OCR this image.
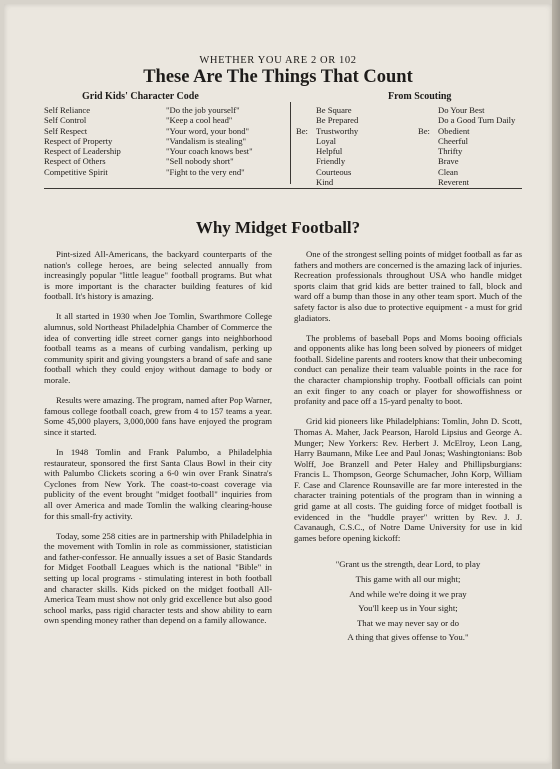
WHETHER YOU ARE 2 OR 102
These Are The Things That Count
Grid Kids' Character Code	From Scouting
Self Reliance
Self Control
Self Respect
Respect of Property
Respect of Leadership
Respect of Others
Competitive Spirit
"Do the job yourself"
"Keep a cool head"
"Your word, your bond"
"Vandalism is stealing"
"Your coach knows best"
"Sell nobody short"
"Fight to the very end"
Be:
Be Square
Be Prepared
Trustworthy
Loyal
Helpful
Friendly
Courteous
Kind
Be:
Do Your Best
Do a Good Turn Daily
Obedient
Cheerful
Thrifty
Brave
Clean
Reverent
Why Midget Football?

Pint-sized All-Americans, the backyard counterparts of the nation's college heroes, are being selected annually from increasingly popular "little league" football programs. But what is more important is the character building features of kid football. It's history is amazing.

It all started in 1930 when Joe Tomlin, Swarthmore College alumnus, sold Northeast Philadelphia Chamber of Commerce the idea of converting idle street corner gangs into neighborhood football teams as a means of curbing vandalism, perking up community spirit and giving youngsters a brand of safe and sane football which they could enjoy without damage to body or morale.

Results were amazing. The program, named after Pop Warner, famous college football coach, grew from 4 to 157 teams a year. Some 45,000 players, 3,000,000 fans have enjoyed the program since it started.

In 1948 Tomlin and Frank Palumbo, a Philadelphia restaurateur, sponsored the first Santa Claus Bowl in their city with Palumbo Clickets scoring a 6-0 win over Frank Sinatra's Cyclones from New York. The coast-to-coast coverage via publicity of the event brought "midget football" inquiries from all over America and made Tomlin the walking clearing-house for this small-fry activity.

Today, some 258 cities are in partnership with Philadelphia in the movement with Tomlin in role as commissioner, statistician and father-confessor. He annually issues a set of Basic Standards for Midget Football Leagues which is the national "Bible" in setting up local programs - stimulating interest in both football and character skills. Kids picked on the midget football All-America Team must show not only grid excellence but also good school marks, pass rigid character tests and show ability to earn own spending money rather than depend on a family allowance.

One of the strongest selling points of midget football as far as fathers and mothers are concerned is the amazing lack of injuries. Recreation professionals throughout USA who handle midget sports claim that grid kids are better trained to fall, block and ward off a bump than those in any other team sport. Much of the safety factor is also due to protective equipment - a must for grid gladiators.

The problems of baseball Pops and Moms booing officials and opponents alike has long been solved by pioneers of midget football. Sideline parents and rooters know that their unbecoming conduct can penalize their team valuable points in the race for the character championship trophy. Football officials can point an exit finger to any coach or player for showoffishness or profanity and pace off a 15-yard penalty to boot.

Grid kid pioneers like Philadelphians: Tomlin, John D. Scott, Thomas A. Maher, Jack Pearson, Harold Lipsius and George A. Munger; New Yorkers: Rev. Herbert J. McElroy, Leon Lang, Harry Baumann, Mike Lee and Paul Jonas; Washingtonians: Bob Wolff, Joe Branzell and Peter Haley and Phillipsburgians: Francis L. Thompson, George Schumacher, John Korp, William F. Case and Clarence Rounsaville are far more interested in the character training potentials of the program than in winning a grid game at all costs. The guiding force of midget football is evidenced in the "huddle prayer" written by Rev. J. J. Cavanaugh, C.S.C., of Notre Dame University for use in kid games before opening kickoff:

"Grant us the strength, dear Lord, to play
This game with all our might;
And while we're doing it we pray
You'll keep us in Your sight;
That we may never say or do
A thing that gives offense to You."
